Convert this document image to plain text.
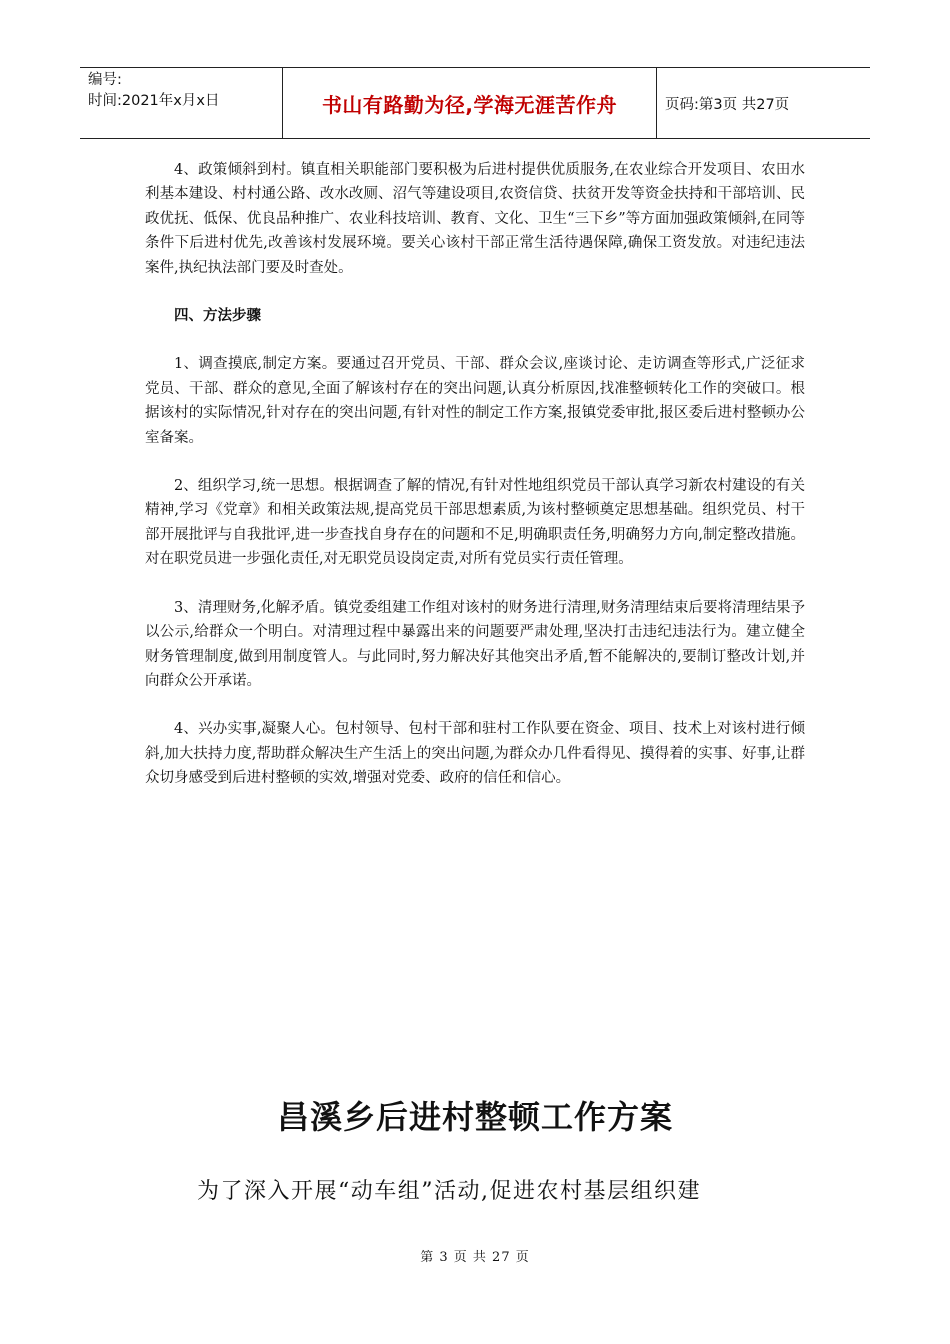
编号:
时间:2021年x月x日	书山有路勤为径,学海无涯苦作舟	页码:第3页 共27页

4、政策倾斜到村。镇直相关职能部门要积极为后进村提供优质服务,在农业综合开发项目、农田水利基本建设、村村通公路、改水改厕、沼气等建设项目,农资信贷、扶贫开发等资金扶持和干部培训、民政优抚、低保、优良品种推广、农业科技培训、教育、文化、卫生“三下乡”等方面加强政策倾斜,在同等条件下后进村优先,改善该村发展环境。要关心该村干部正常生活待遇保障,确保工资发放。对违纪违法案件,执纪执法部门要及时查处。

四、方法步骤

1、调查摸底,制定方案。要通过召开党员、干部、群众会议,座谈讨论、走访调查等形式,广泛征求党员、干部、群众的意见,全面了解该村存在的突出问题,认真分析原因,找准整顿转化工作的突破口。根据该村的实际情况,针对存在的突出问题,有针对性的制定工作方案,报镇党委审批,报区委后进村整顿办公室备案。

2、组织学习,统一思想。根据调查了解的情况,有针对性地组织党员干部认真学习新农村建设的有关精神,学习《党章》和相关政策法规,提高党员干部思想素质,为该村整顿奠定思想基础。组织党员、村干部开展批评与自我批评,进一步查找自身存在的问题和不足,明确职责任务,明确努力方向,制定整改措施。对在职党员进一步强化责任,对无职党员设岗定责,对所有党员实行责任管理。

3、清理财务,化解矛盾。镇党委组建工作组对该村的财务进行清理,财务清理结束后要将清理结果予以公示,给群众一个明白。对清理过程中暴露出来的问题要严肃处理,坚决打击违纪违法行为。建立健全财务管理制度,做到用制度管人。与此同时,努力解决好其他突出矛盾,暂不能解决的,要制订整改计划,并向群众公开承诺。

4、兴办实事,凝聚人心。包村领导、包村干部和驻村工作队要在资金、项目、技术上对该村进行倾斜,加大扶持力度,帮助群众解决生产生活上的突出问题,为群众办几件看得见、摸得着的实事、好事,让群众切身感受到后进村整顿的实效,增强对党委、政府的信任和信心。

昌溪乡后进村整顿工作方案
为了深入开展“动车组”活动,促进农村基层组织建
第 3 页 共 27 页
